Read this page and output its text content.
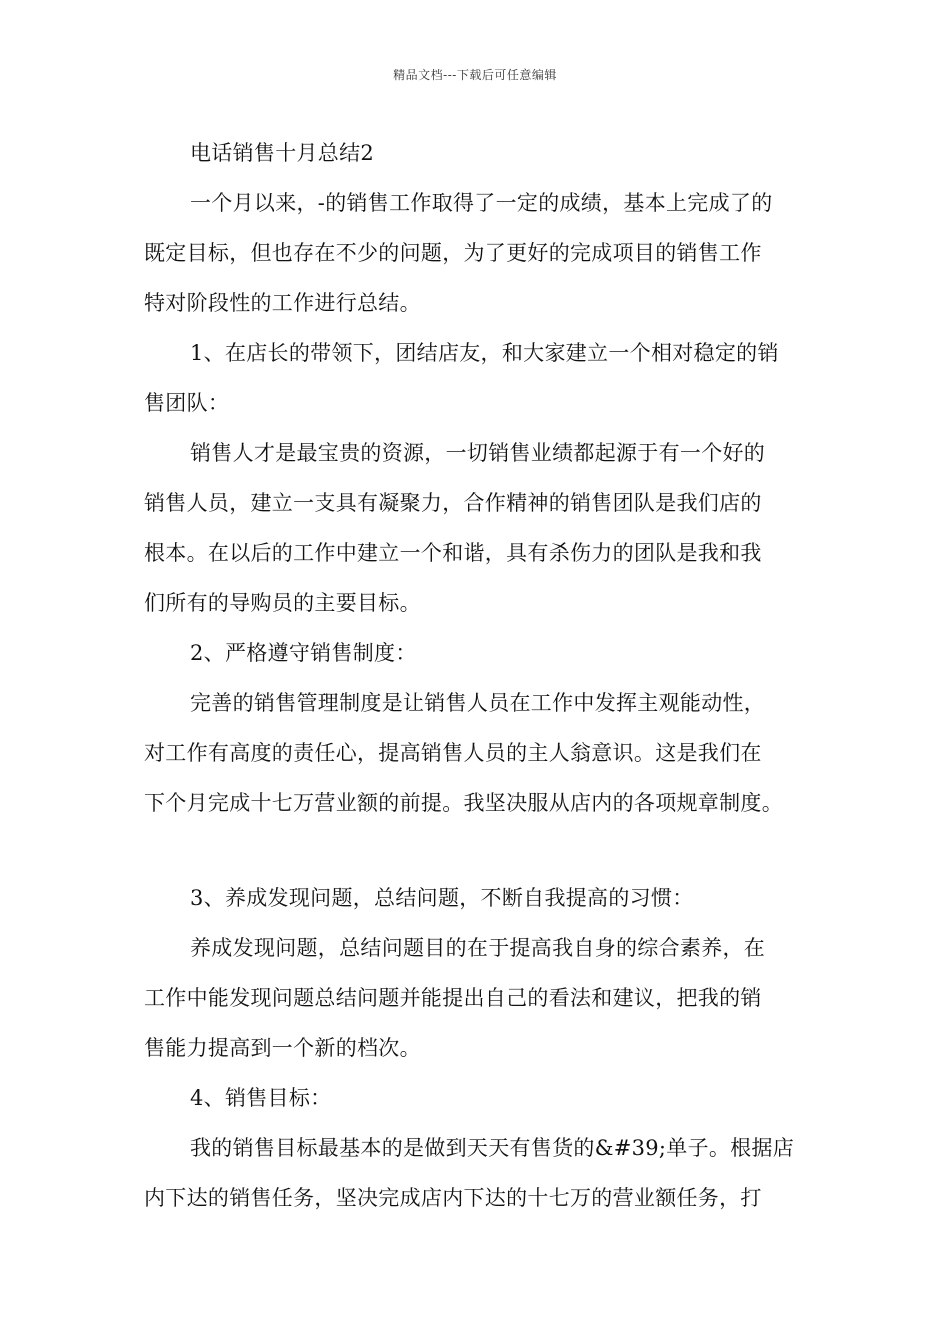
精品文档---下载后可任意编辑
电话销售十月总结2
一个月以来，-的销售工作取得了一定的成绩，基本上完成了的
既定目标，但也存在不少的问题，为了更好的完成项目的销售工作
特对阶段性的工作进行总结。
1、在店长的带领下，团结店友，和大家建立一个相对稳定的销
售团队：
销售人才是最宝贵的资源，一切销售业绩都起源于有一个好的
销售人员，建立一支具有凝聚力，合作精神的销售团队是我们店的
根本。在以后的工作中建立一个和谐，具有杀伤力的团队是我和我
们所有的导购员的主要目标。
2、严格遵守销售制度：
完善的销售管理制度是让销售人员在工作中发挥主观能动性，
对工作有高度的责任心，提高销售人员的主人翁意识。这是我们在
下个月完成十七万营业额的前提。我坚决服从店内的各项规章制度。
3、养成发现问题，总结问题，不断自我提高的习惯：
养成发现问题，总结问题目的在于提高我自身的综合素养，在
工作中能发现问题总结问题并能提出自己的看法和建议，把我的销
售能力提高到一个新的档次。
4、销售目标：
我的销售目标最基本的是做到天天有售货的&#39;单子。根据店
内下达的销售任务，坚决完成店内下达的十七万的营业额任务，打
